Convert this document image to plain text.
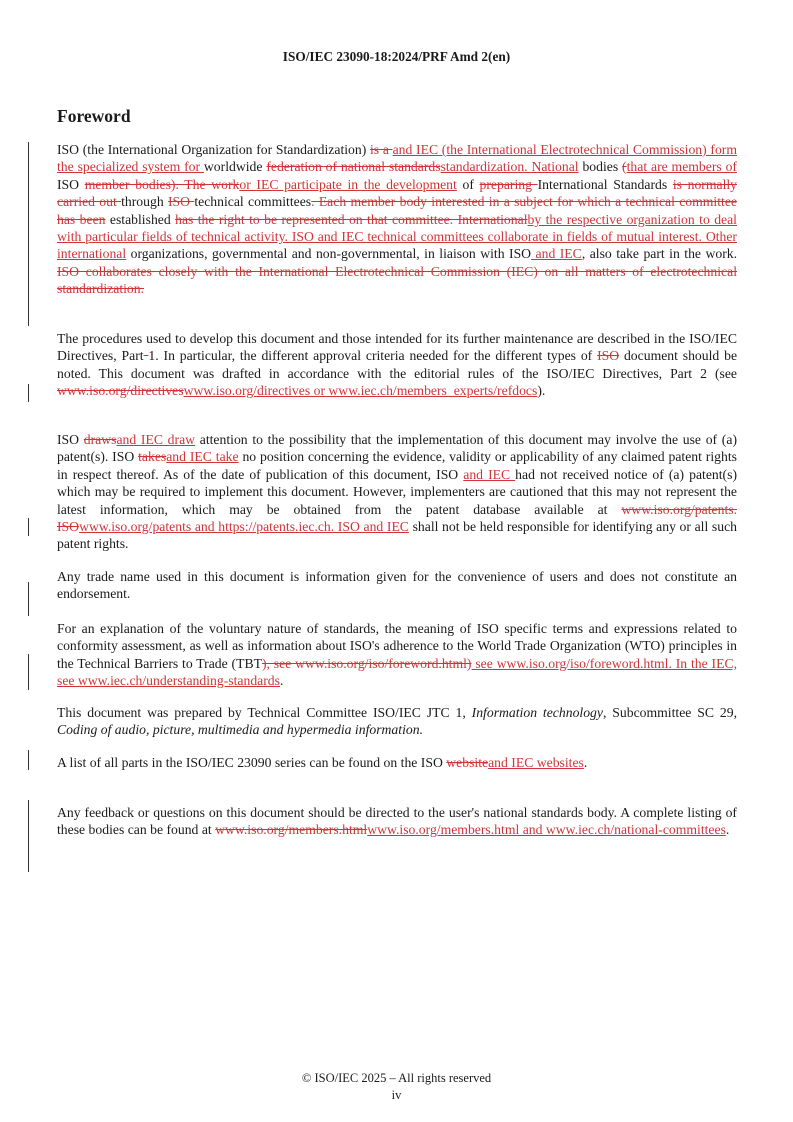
ISO/IEC 23090-18:2024/PRF Amd 2(en)
Foreword
ISO (the International Organization for Standardization) is a and IEC (the International Electrotechnical Commission) form the specialized system for worldwide federation of national standardsstandardization. National bodies (that are members of ISO member bodies). The workor IEC participate in the development of preparing International Standards is normally carried out through ISO technical committees. Each member body interested in a subject for which a technical committee has been established has the right to be represented on that committee. Internationalby the respective organization to deal with particular fields of technical activity. ISO and IEC technical committees collaborate in fields of mutual interest. Other international organizations, governmental and non-governmental, in liaison with ISO and IEC, also take part in the work. ISO collaborates closely with the International Electrotechnical Commission (IEC) on all matters of electrotechnical standardization.
The procedures used to develop this document and those intended for its further maintenance are described in the ISO/IEC Directives, Part 1. In particular, the different approval criteria needed for the different types of ISO document should be noted. This document was drafted in accordance with the editorial rules of the ISO/IEC Directives, Part 2 (see www.iso.org/directiveswww.iso.org/directives or www.iec.ch/members_experts/refdocs).
ISO drawsand IEC draw attention to the possibility that the implementation of this document may involve the use of (a) patent(s). ISO takesand IEC take no position concerning the evidence, validity or applicability of any claimed patent rights in respect thereof. As of the date of publication of this document, ISO and IEC had not received notice of (a) patent(s) which may be required to implement this document. However, implementers are cautioned that this may not represent the latest information, which may be obtained from the patent database available at www.iso.org/patents. ISOwww.iso.org/patents and https://patents.iec.ch. ISO and IEC shall not be held responsible for identifying any or all such patent rights.
Any trade name used in this document is information given for the convenience of users and does not constitute an endorsement.
For an explanation of the voluntary nature of standards, the meaning of ISO specific terms and expressions related to conformity assessment, as well as information about ISO's adherence to the World Trade Organization (WTO) principles in the Technical Barriers to Trade (TBT), see www.iso.org/iso/foreword.html) see www.iso.org/iso/foreword.html. In the IEC, see www.iec.ch/understanding-standards.
This document was prepared by Technical Committee ISO/IEC JTC 1, Information technology, Subcommittee SC 29, Coding of audio, picture, multimedia and hypermedia information.
A list of all parts in the ISO/IEC 23090 series can be found on the ISO websiteand IEC websites.
Any feedback or questions on this document should be directed to the user's national standards body. A complete listing of these bodies can be found at www.iso.org/members.htmlwww.iso.org/members.html and www.iec.ch/national-committees.
© ISO/IEC 2025 – All rights reserved
iv
